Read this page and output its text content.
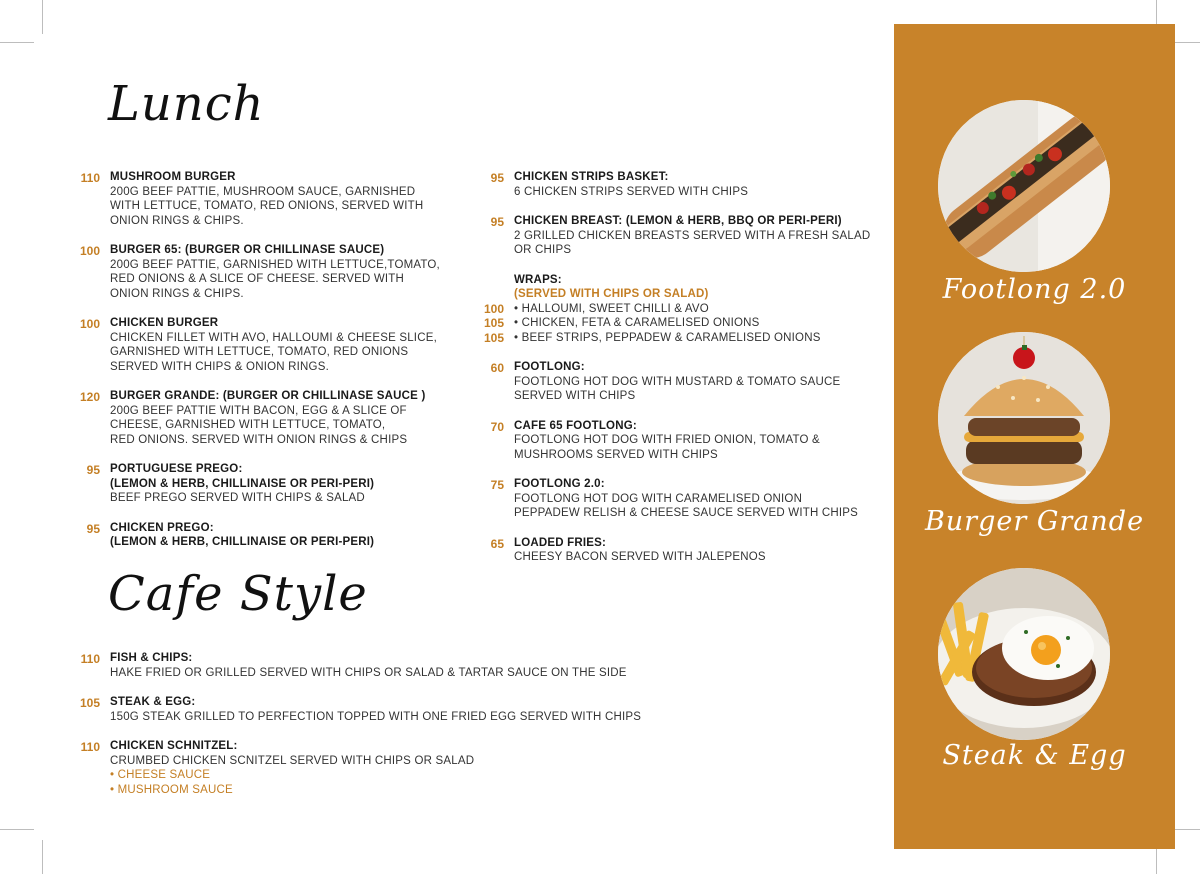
Lunch
110 MUSHROOM BURGER
200G BEEF PATTIE, MUSHROOM SAUCE, GARNISHED
WITH LETTUCE, TOMATO, RED ONIONS, SERVED WITH
ONION RINGS & CHIPS.
100 BURGER 65: (BURGER OR CHILLINASE SAUCE)
200G BEEF PATTIE, GARNISHED WITH LETTUCE,TOMATO,
RED ONIONS & A SLICE OF CHEESE. SERVED WITH
ONION RINGS & CHIPS.
100 CHICKEN BURGER
CHICKEN FILLET WITH AVO, HALLOUMI & CHEESE SLICE,
GARNISHED WITH LETTUCE, TOMATO, RED ONIONS
SERVED WITH CHIPS & ONION RINGS.
120 BURGER GRANDE: (BURGER OR CHILLINASE SAUCE )
200G BEEF PATTIE WITH BACON, EGG & A SLICE OF
CHEESE, GARNISHED WITH LETTUCE, TOMATO,
RED ONIONS. SERVED WITH ONION RINGS & CHIPS
95 PORTUGUESE PREGO:
(LEMON & HERB, CHILLINAISE OR PERI-PERI)
BEEF PREGO SERVED WITH CHIPS & SALAD
95 CHICKEN PREGO:
(LEMON & HERB, CHILLINAISE OR PERI-PERI)
95 CHICKEN STRIPS BASKET:
6 CHICKEN STRIPS SERVED WITH CHIPS
95 CHICKEN BREAST: (LEMON & HERB, BBQ OR PERI-PERI)
2 GRILLED CHICKEN BREASTS SERVED WITH A FRESH SALAD
OR CHIPS
WRAPS:
(SERVED WITH CHIPS OR SALAD)
100 • HALLOUMI, SWEET CHILLI & AVO
105 • CHICKEN, FETA & CARAMELISED ONIONS
105 • BEEF STRIPS, PEPPADEW & CARAMELISED ONIONS
60 FOOTLONG:
FOOTLONG HOT DOG WITH MUSTARD & TOMATO SAUCE
SERVED WITH CHIPS
70 CAFE 65 FOOTLONG:
FOOTLONG HOT DOG WITH FRIED ONION, TOMATO &
MUSHROOMS SERVED WITH CHIPS
75 FOOTLONG 2.0:
FOOTLONG HOT DOG WITH CARAMELISED ONION
PEPPADEW RELISH & CHEESE SAUCE SERVED WITH CHIPS
65 LOADED FRIES:
CHEESY BACON SERVED WITH JALEPENOS
Cafe Style
110 FISH & CHIPS:
HAKE FRIED OR GRILLED SERVED WITH CHIPS OR SALAD & TARTAR SAUCE ON THE SIDE
105 STEAK & EGG:
150G STEAK GRILLED TO PERFECTION TOPPED WITH ONE FRIED EGG SERVED WITH CHIPS
110 CHICKEN SCHNITZEL:
CRUMBED CHICKEN SCNITZEL SERVED WITH CHIPS OR SALAD
• CHEESE SAUCE
• MUSHROOM SAUCE
Footlong 2.0
Burger Grande
Steak & Egg
